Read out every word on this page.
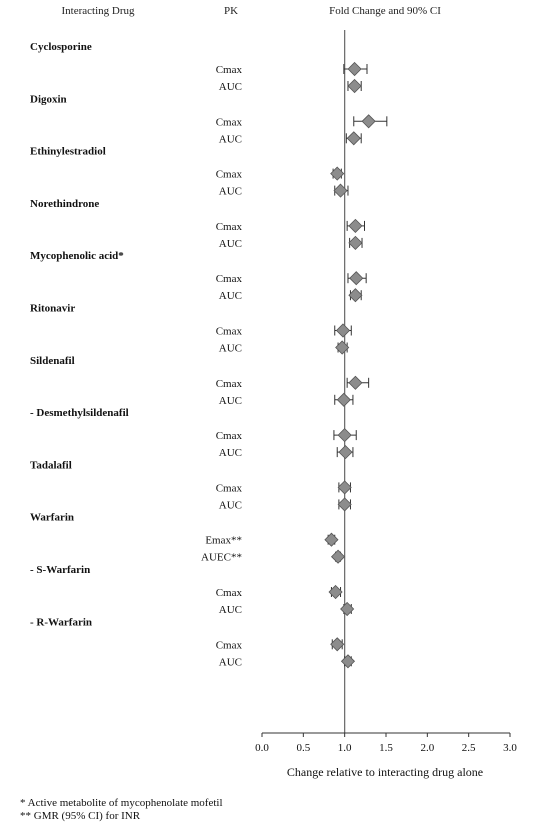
Interacting Drug	PK	Fold Change and 90% CI
Cyclosporine
Cmax
AUC
Digoxin
Cmax
AUC
Ethinylestradiol
Cmax
AUC
Norethindrone
Cmax
AUC
Mycophenolic acid*
Cmax
AUC
Ritonavir
Cmax
AUC
Sildenafil
Cmax
AUC
- Desmethylsildenafil
Cmax
AUC
Tadalafil
Cmax
AUC
Warfarin
Emax**
AUEC**
- S-Warfarin
Cmax
AUC
- R-Warfarin
Cmax
AUC
0.0	0.5	1.0	1.5	2.0	2.5	3.0
Change relative to interacting drug alone
* Active metabolite of mycophenolate mofetil
** GMR (95% CI) for INR
